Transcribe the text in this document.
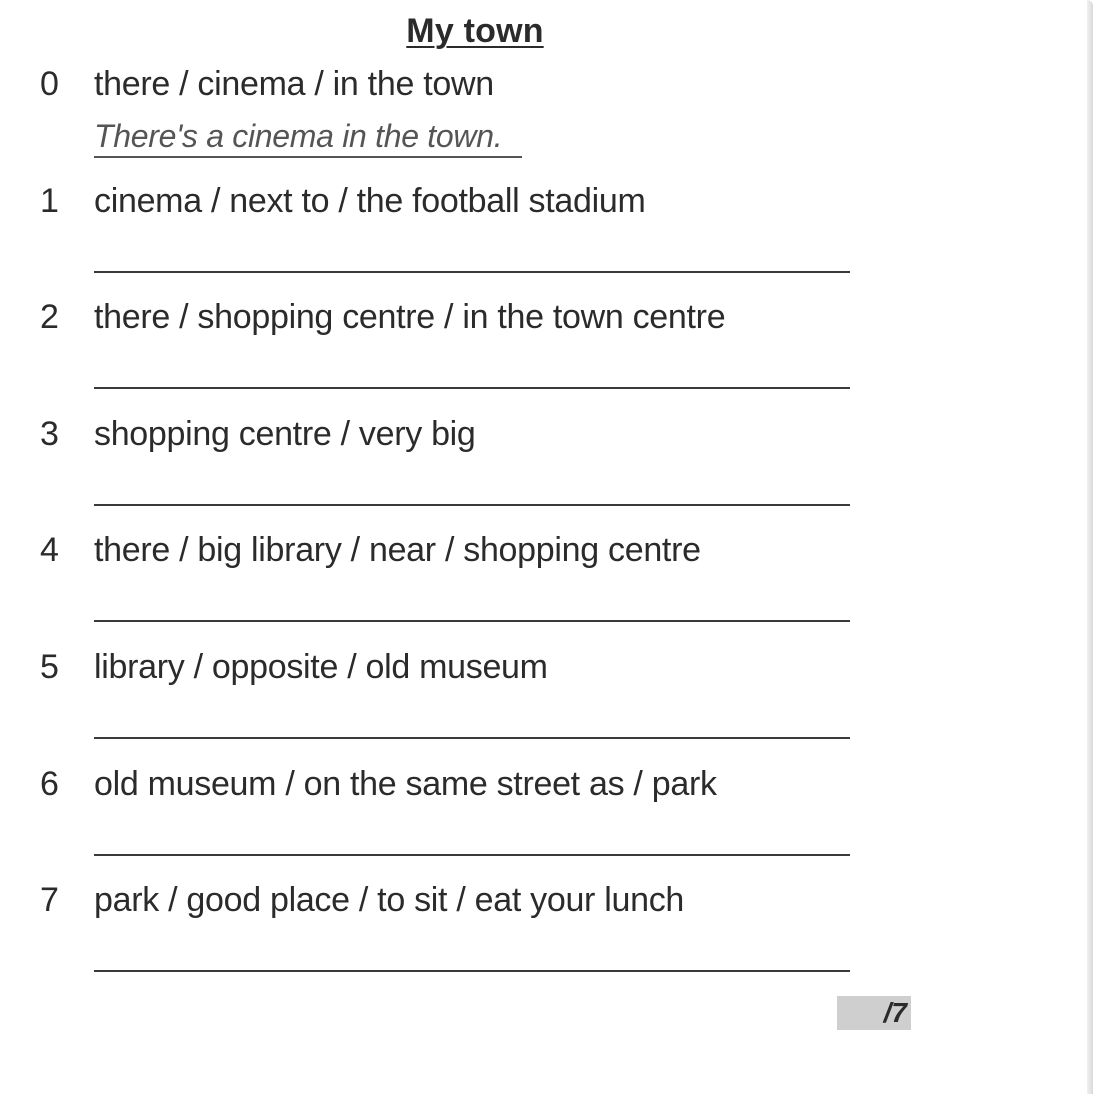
My town
0 there / cinema / in the town
There's a cinema in the town.
1 cinema / next to / the football stadium
2 there / shopping centre / in the town centre
3 shopping centre / very big
4 there / big library / near / shopping centre
5 library / opposite / old museum
6 old museum / on the same street as / park
7 park / good place / to sit / eat your lunch
/7
